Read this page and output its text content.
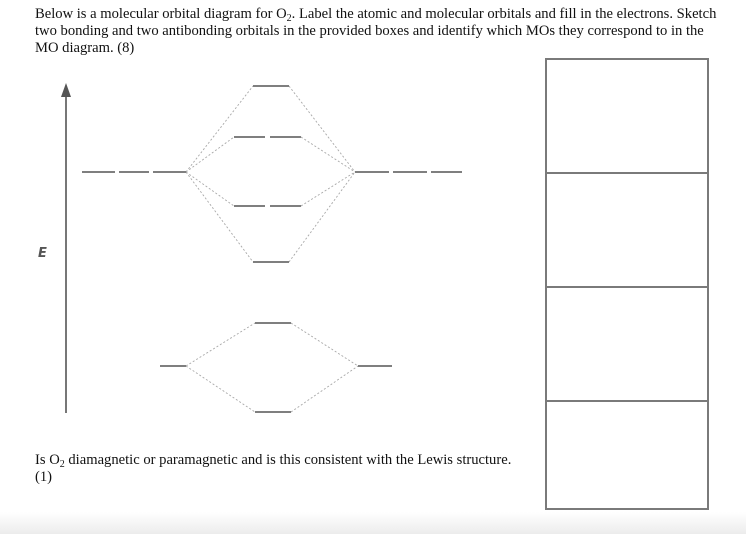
Below is a molecular orbital diagram for $O_2$. Label the atomic and molecular orbitals and fill in the electrons. Sketch two bonding and two antibonding orbitals in the provided boxes and identify which MOs they correspond to in the MO diagram. (8)

E

Is $O_2$ diamagnetic or paramagnetic and is this consistent with the Lewis structure. (1)
